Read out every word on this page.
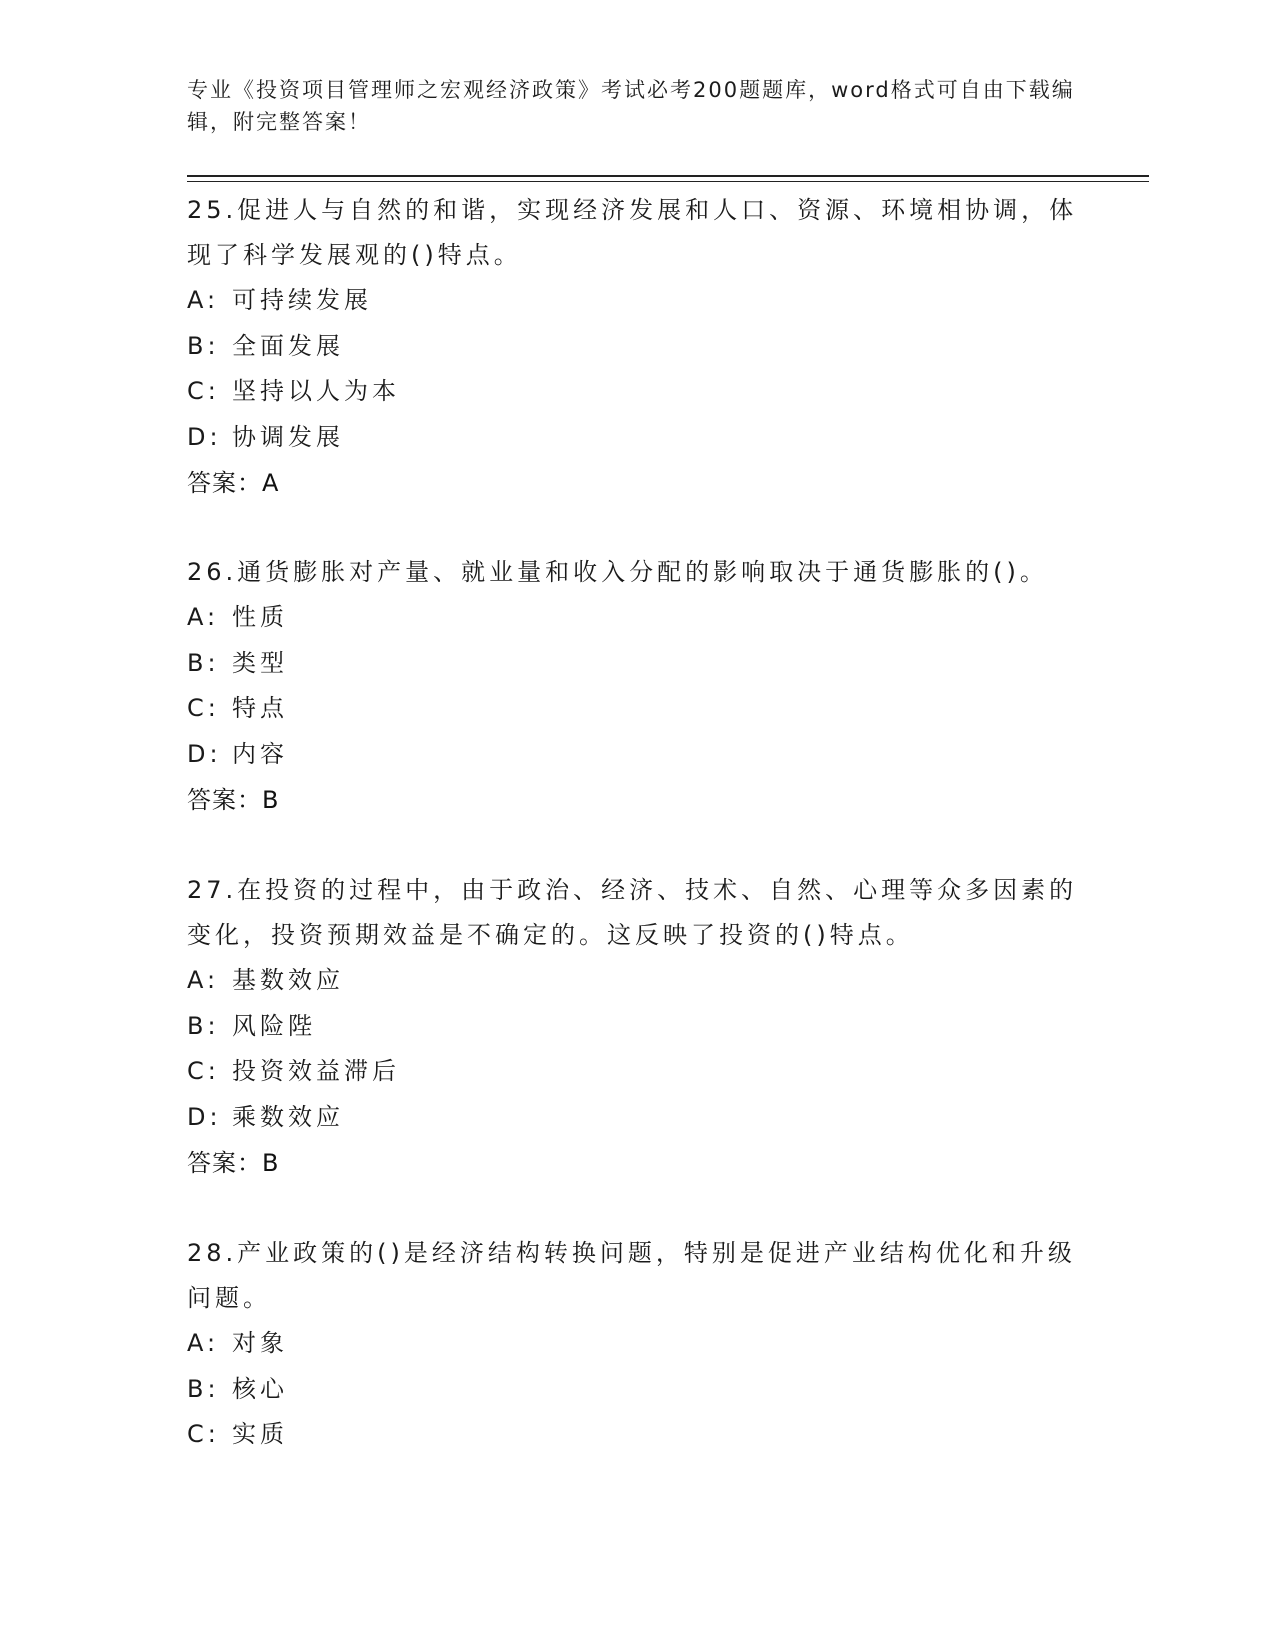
专业《投资项目管理师之宏观经济政策》考试必考200题题库，word格式可自由下载编辑，附完整答案！
25.促进人与自然的和谐，实现经济发展和人口、资源、环境相协调，体现了科学发展观的()特点。
A: 可持续发展
B: 全面发展
C: 坚持以人为本
D: 协调发展
答案：A
26.通货膨胀对产量、就业量和收入分配的影响取决于通货膨胀的()。
A: 性质
B: 类型
C: 特点
D: 内容
答案：B
27.在投资的过程中，由于政治、经济、技术、自然、心理等众多因素的变化，投资预期效益是不确定的。这反映了投资的()特点。
A: 基数效应
B: 风险陛
C: 投资效益滞后
D: 乘数效应
答案：B
28.产业政策的()是经济结构转换问题，特别是促进产业结构优化和升级问题。
A: 对象
B: 核心
C: 实质
